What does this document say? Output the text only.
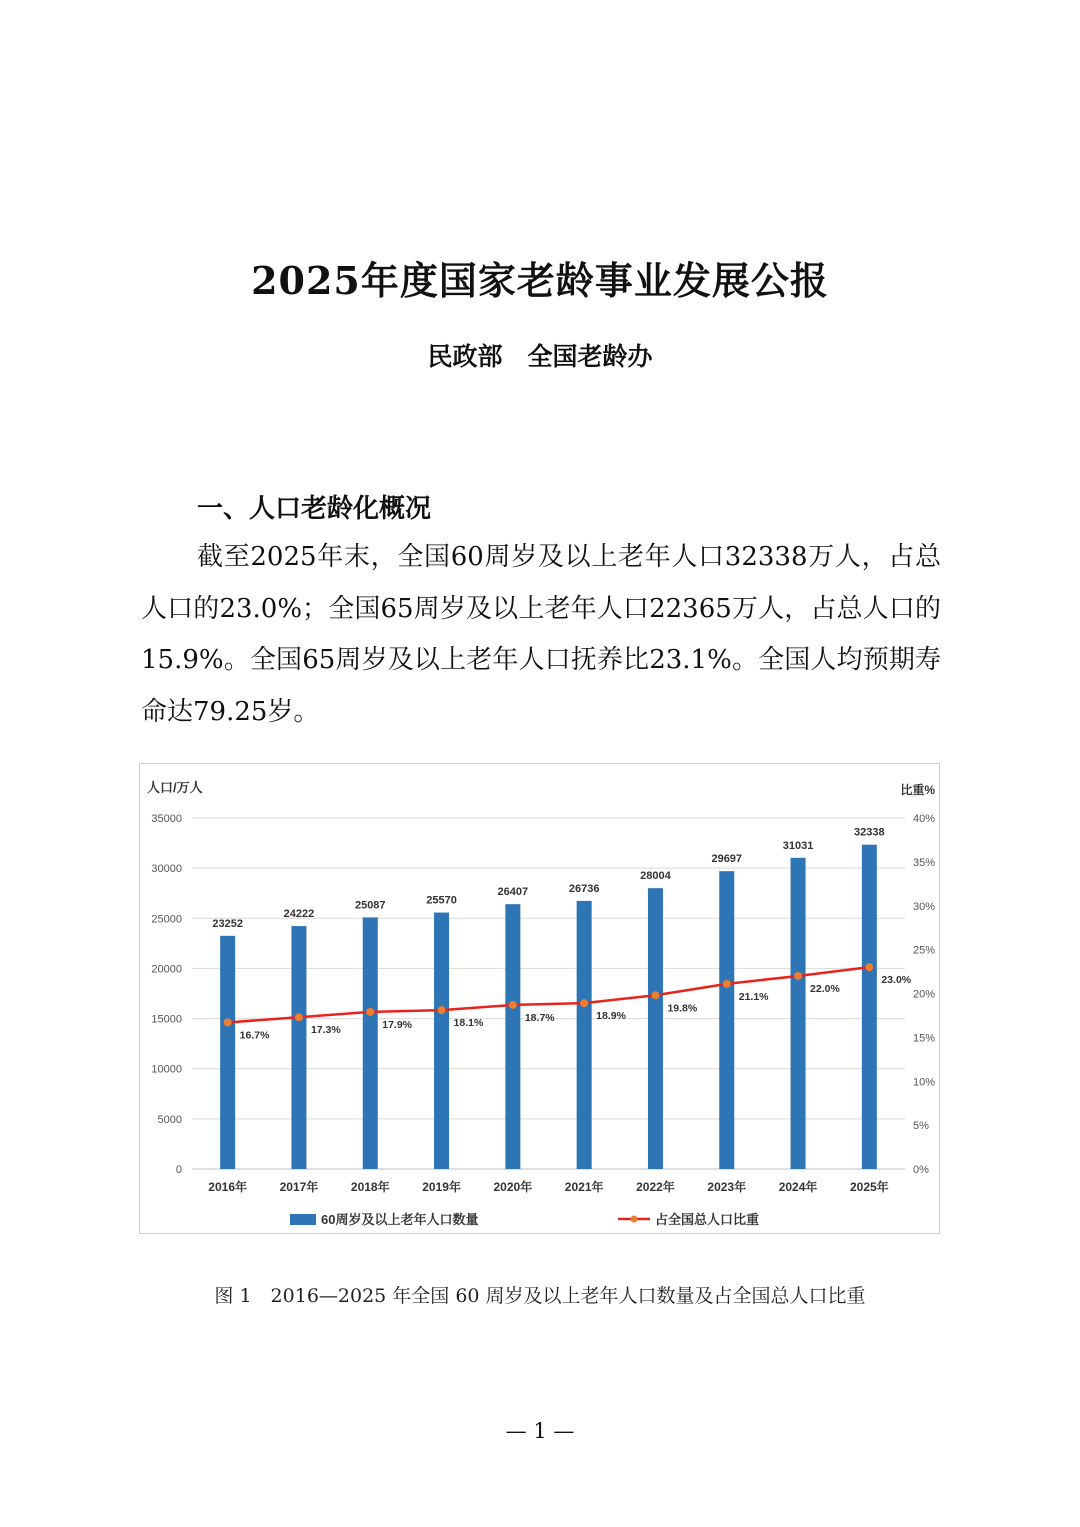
2025年度国家老龄事业发展公报
民政部　全国老龄办
一、人口老龄化概况

截至2025年末，全国60周岁及以上老年人口32338万人，占总人口的23.0%；全国65周岁及以上老年人口22365万人，占总人口的15.9%。全国65周岁及以上老年人口抚养比23.1%。全国人均预期寿命达79.25岁。

0
5000
10000
15000
20000
25000
30000
35000
0%
5%
10%
15%
20%
25%
30%
35%
40%
23252
24222
25087	25570
26407	26736
28004
29697
31031
32338
2016年	2017年	2018年	2019年	2020年	2021年	2022年	2023年	2024年	2025年
16.7%	17.3%	17.9%	18.1%	18.7%	18.9%
19.8%
21.1%
22.0%
23.0%
人口/万人	比重%
60周岁及以上老年人口数量	占全国总人口比重
图 1　2016—2025 年全国 60 周岁及以上老年人口数量及占全国总人口比重
— 1 —
